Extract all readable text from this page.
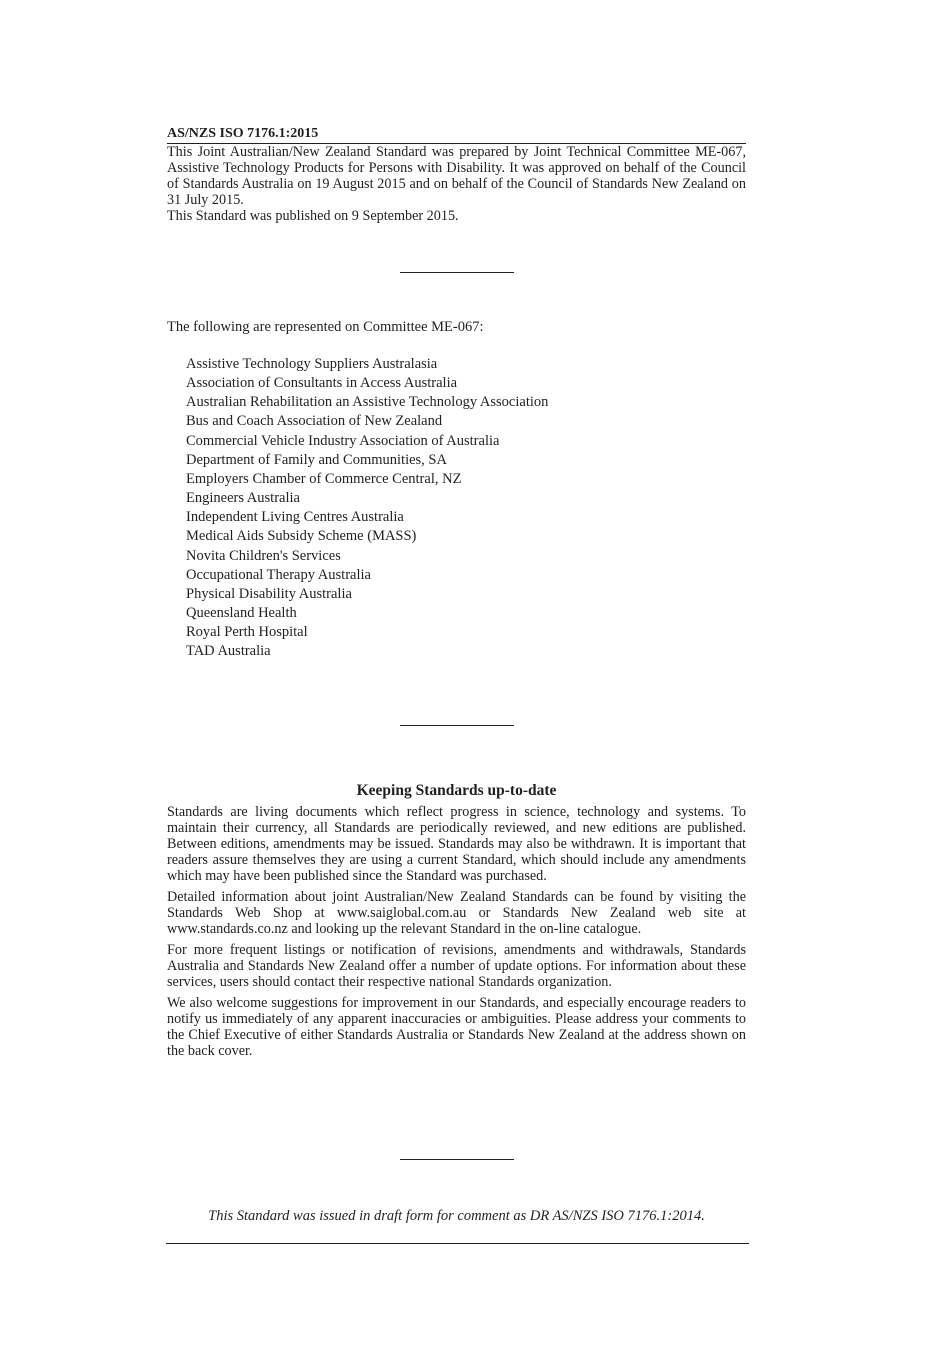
AS/NZS ISO 7176.1:2015

This Joint Australian/New Zealand Standard was prepared by Joint Technical Committee ME-067, Assistive Technology Products for Persons with Disability. It was approved on behalf of the Council of Standards Australia on 19 August 2015 and on behalf of the Council of Standards New Zealand on 31 July 2015.

This Standard was published on 9 September 2015.

The following are represented on Committee ME-067:
Assistive Technology Suppliers Australasia
Association of Consultants in Access Australia
Australian Rehabilitation an Assistive Technology Association
Bus and Coach Association of New Zealand
Commercial Vehicle Industry Association of Australia
Department of Family and Communities, SA
Employers Chamber of Commerce Central, NZ
Engineers Australia
Independent Living Centres Australia
Medical Aids Subsidy Scheme (MASS)
Novita Children's Services
Occupational Therapy Australia
Physical Disability Australia
Queensland Health
Royal Perth Hospital
TAD Australia
Keeping Standards up-to-date

Standards are living documents which reflect progress in science, technology and systems. To maintain their currency, all Standards are periodically reviewed, and new editions are published. Between editions, amendments may be issued. Standards may also be withdrawn. It is important that readers assure themselves they are using a current Standard, which should include any amendments which may have been published since the Standard was purchased.

Detailed information about joint Australian/New Zealand Standards can be found by visiting the Standards Web Shop at www.saiglobal.com.au or Standards New Zealand web site at www.standards.co.nz and looking up the relevant Standard in the on-line catalogue.

For more frequent listings or notification of revisions, amendments and withdrawals, Standards Australia and Standards New Zealand offer a number of update options. For information about these services, users should contact their respective national Standards organization.

We also welcome suggestions for improvement in our Standards, and especially encourage readers to notify us immediately of any apparent inaccuracies or ambiguities. Please address your comments to the Chief Executive of either Standards Australia or Standards New Zealand at the address shown on the back cover.

This Standard was issued in draft form for comment as DR AS/NZS ISO 7176.1:2014.
